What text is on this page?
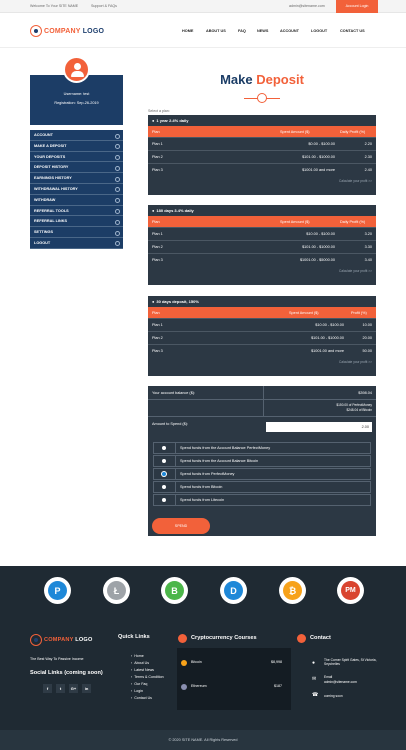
Welcome To Your SITE NAME	Support & FAQs	admin@sitename.com	Account Login
COMPANY LOGO	HOME	ABOUT US	FAQ	NEWS	ACCOUNT	LOGOUT	CONTACT US
Username: test
Registration: Sep-26-2019
ACCOUNT
MAKE A DEPOSIT
YOUR DEPOSITS
DEPOSIT HISTORY
EARNINGS HISTORY
WITHDRAWAL HISTORY
WITHDRAW
REFERRAL TOOLS
REFERRAL LINKS
SETTINGS
LOGOUT
Make Deposit
Select a plan:
● 1 year 2.4% daily
Plan	Spent Amount ($)	Daily Profit (%)
Plan 1	$0.00 - $100.00	2.20
Plan 2	$101.00 - $1000.00	2.30
Plan 3	$1001.00 and more	2.40
Calculate your profit >>
● 180 days 3.4% daily
Plan	Spent Amount ($)	Daily Profit (%)
Plan 1	$10.00 - $100.00	3.20
Plan 2	$101.00 - $1000.00	3.30
Plan 3	$1001.00 - $5000.00	3.40
Calculate your profit >>
● 30 days deposit, 150%
Plan	Spent Amount ($)	Profit (%)
Plan 1	$10.00 - $100.00	10.00
Plan 2	$101.00 - $1000.00	20.00
Plan 3	$1001.00 and more	50.00
Calculate your profit >>
Your account balance ($):	$398.04
$150.00 of PerfectMoney
$248.04 of Bitcoin
Amount to Spend ($):
2.00
Spend funds from the Account Balance PerfectMoney
Spend funds from the Account Balance Bitcoin
Spend funds from PerfectMoney
Spend funds from Bitcoin
Spend funds from Litecoin
SPEND
P	Ł	B	D	₿	PM
COMPANY LOGO
The Best Way To Passive Income
Social Links (coming soon)
f	t	G+	in
Quick Links
› Home
› About Us
› Latest News
› Terms & Condition
› Our Faq
› Login
› Contact Us
Cryptocurrency Courses
Bitcoin	$8,998
Ethereum	$187
Contact
●	The Corner Spirit Gates, St Victoria, Seychelles
✉ Email
admin@sitename.com
☎ coming soon
© 2020 SITE NAME. All Rights Reserved
